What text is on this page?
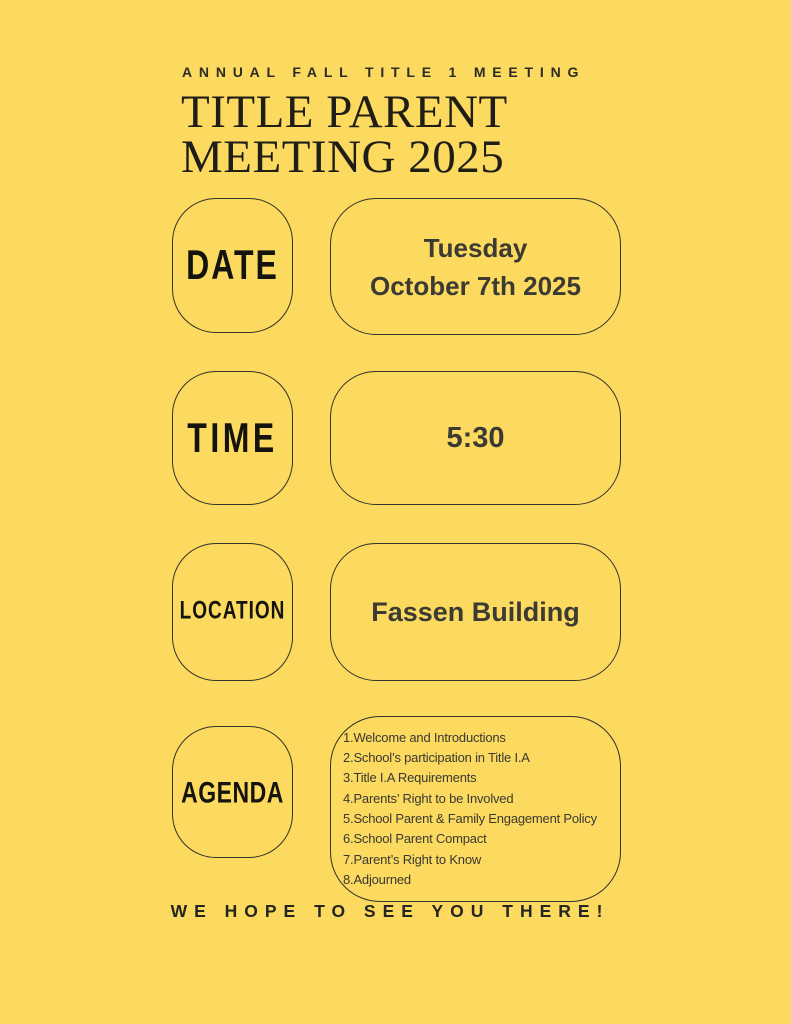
ANNUAL FALL TITLE 1 MEETING
TITLE PARENT
MEETING 2025
DATE	Tuesday
October 7th 2025
TIME	5:30
LOCATION	Fassen Building
AGENDA
1.Welcome and Introductions
2.School’s participation in Title I.A
3.Title I.A Requirements
4.Parents’ Right to be Involved
5.School Parent & Family Engagement Policy
6.School Parent Compact
7.Parent’s Right to Know
8.Adjourned
WE HOPE TO SEE YOU THERE!
